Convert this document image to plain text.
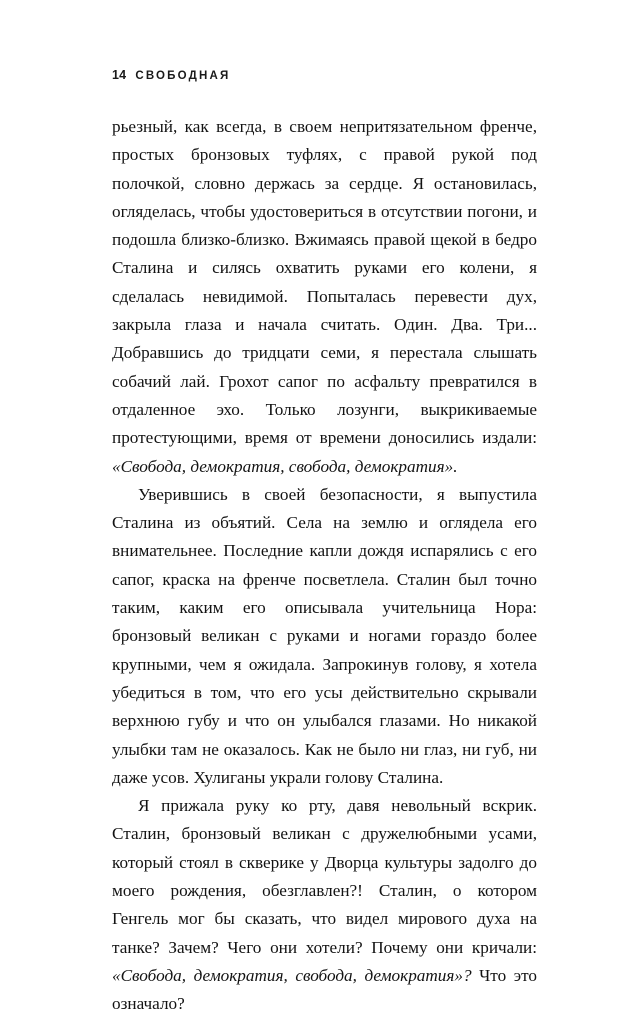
14 СВОБОДНАЯ

рьезный, как всегда, в своем непритязательном френче, простых бронзовых туфлях, с правой рукой под полочкой, словно держась за сердце. Я остановилась, огляделась, чтобы удостовериться в отсутствии погони, и подошла близко-близко. Вжимаясь правой щекой в бедро Сталина и силясь охватить руками его колени, я сделалась невидимой. Попыталась перевести дух, закрыла глаза и начала считать. Один. Два. Три... Добравшись до тридцати семи, я перестала слышать собачий лай. Грохот сапог по асфальту превратился в отдаленное эхо. Только лозунги, выкрикиваемые протестующими, время от времени доносились издали: «Свобода, демократия, свобода, демократия».

Уверившись в своей безопасности, я выпустила Сталина из объятий. Села на землю и оглядела его внимательнее. Последние капли дождя испарялись с его сапог, краска на френче посветлела. Сталин был точно таким, каким его описывала учительница Нора: бронзовый великан с руками и ногами гораздо более крупными, чем я ожидала. Запрокинув голову, я хотела убедиться в том, что его усы действительно скрывали верхнюю губу и что он улыбался глазами. Но никакой улыбки там не оказалось. Как не было ни глаз, ни губ, ни даже усов. Хулиганы украли голову Сталина.

Я прижала руку ко рту, давя невольный вскрик. Сталин, бронзовый великан с дружелюбными усами, который стоял в скверике у Дворца культуры задолго до моего рождения, обезглавлен?! Сталин, о котором Генгель мог бы сказать, что видел мирового духа на танке? Зачем? Чего они хотели? Почему они кричали: «Свобода, демократия, свобода, демократия»? Что это означало?
